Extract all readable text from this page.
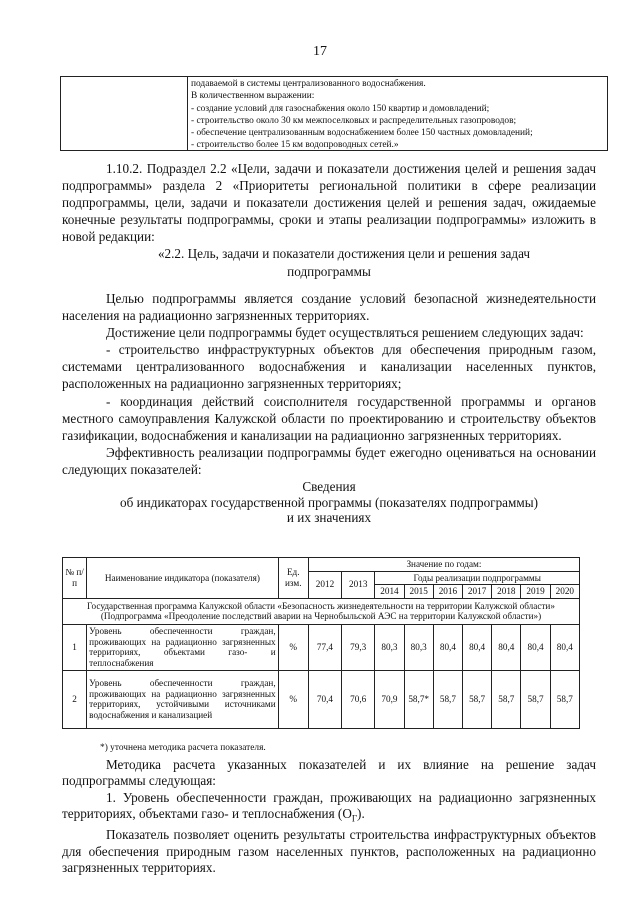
17
подаваемой в системы централизованного водоснабжения.
В количественном выражении:
- создание условий для газоснабжения около 150 квартир и домовладений;
- строительство около 30 км межпоселковых и распределительных газопроводов;
- обеспечение централизованным водоснабжением более 150 частных домовладений;
- строительство более 15 км водопроводных сетей.»

1.10.2. Подраздел 2.2 «Цели, задачи и показатели достижения целей и решения задач подпрограммы» раздела 2 «Приоритеты региональной политики в сфере реализации подпрограммы, цели, задачи и показатели достижения целей и решения задач, ожидаемые конечные результаты подпрограммы, сроки и этапы реализации подпрограммы» изложить в новой редакции:

«2.2. Цель, задачи и показатели достижения цели и решения задач

подпрограммы

Целью подпрограммы является создание условий безопасной жизнедеятельности населения на радиационно загрязненных территориях.

Достижение цели подпрограммы будет осуществляться решением следующих задач:

- строительство инфраструктурных объектов для обеспечения природным газом, системами централизованного водоснабжения и канализации населенных пунктов, расположенных на радиационно загрязненных территориях;

- координация действий соисполнителя государственной программы и органов местного самоуправления Калужской области по проектированию и строительству объектов газификации, водоснабжения и канализации на радиационно загрязненных территориях.

Эффективность реализации подпрограммы будет ежегодно оцениваться на основании следующих показателей:

Сведения

об индикаторах государственной программы (показателях подпрограммы)

и их значениях

№ п/п	Наименование индикатора (показателя)	Ед. изм.	Значение по годам:								
			2012	2013	Годы реализации подпрограммы						
					2014	2015	2016	2017	2018	2019	2020
Государственная программа Калужской области «Безопасность жизнедеятельности на территории Калужской области» (Подпрограмма «Преодоление последствий аварии на Чернобыльской АЭС на территории Калужской области»)											
1	Уровень обеспеченности граждан, проживающих на радиационно загрязненных территориях, объектами газо- и теплоснабжения	%	77,4	79,3	80,3	80,3	80,4	80,4	80,4	80,4	80,4
2	Уровень обеспеченности граждан, проживающих на радиационно загрязненных территориях, устойчивыми источниками водоснабжения и канализацией	%	70,4	70,6	70,9	58,7*	58,7	58,7	58,7	58,7	58,7
*) уточнена методика расчета показателя.

Методика расчета указанных показателей и их влияние на решение задач подпрограммы следующая:

1. Уровень обеспеченности граждан, проживающих на радиационно загрязненных территориях, объектами газо- и теплоснабжения $(О_Г)$.

Показатель позволяет оценить результаты строительства инфраструктурных объектов для обеспечения природным газом населенных пунктов, расположенных на радиационно загрязненных территориях.
